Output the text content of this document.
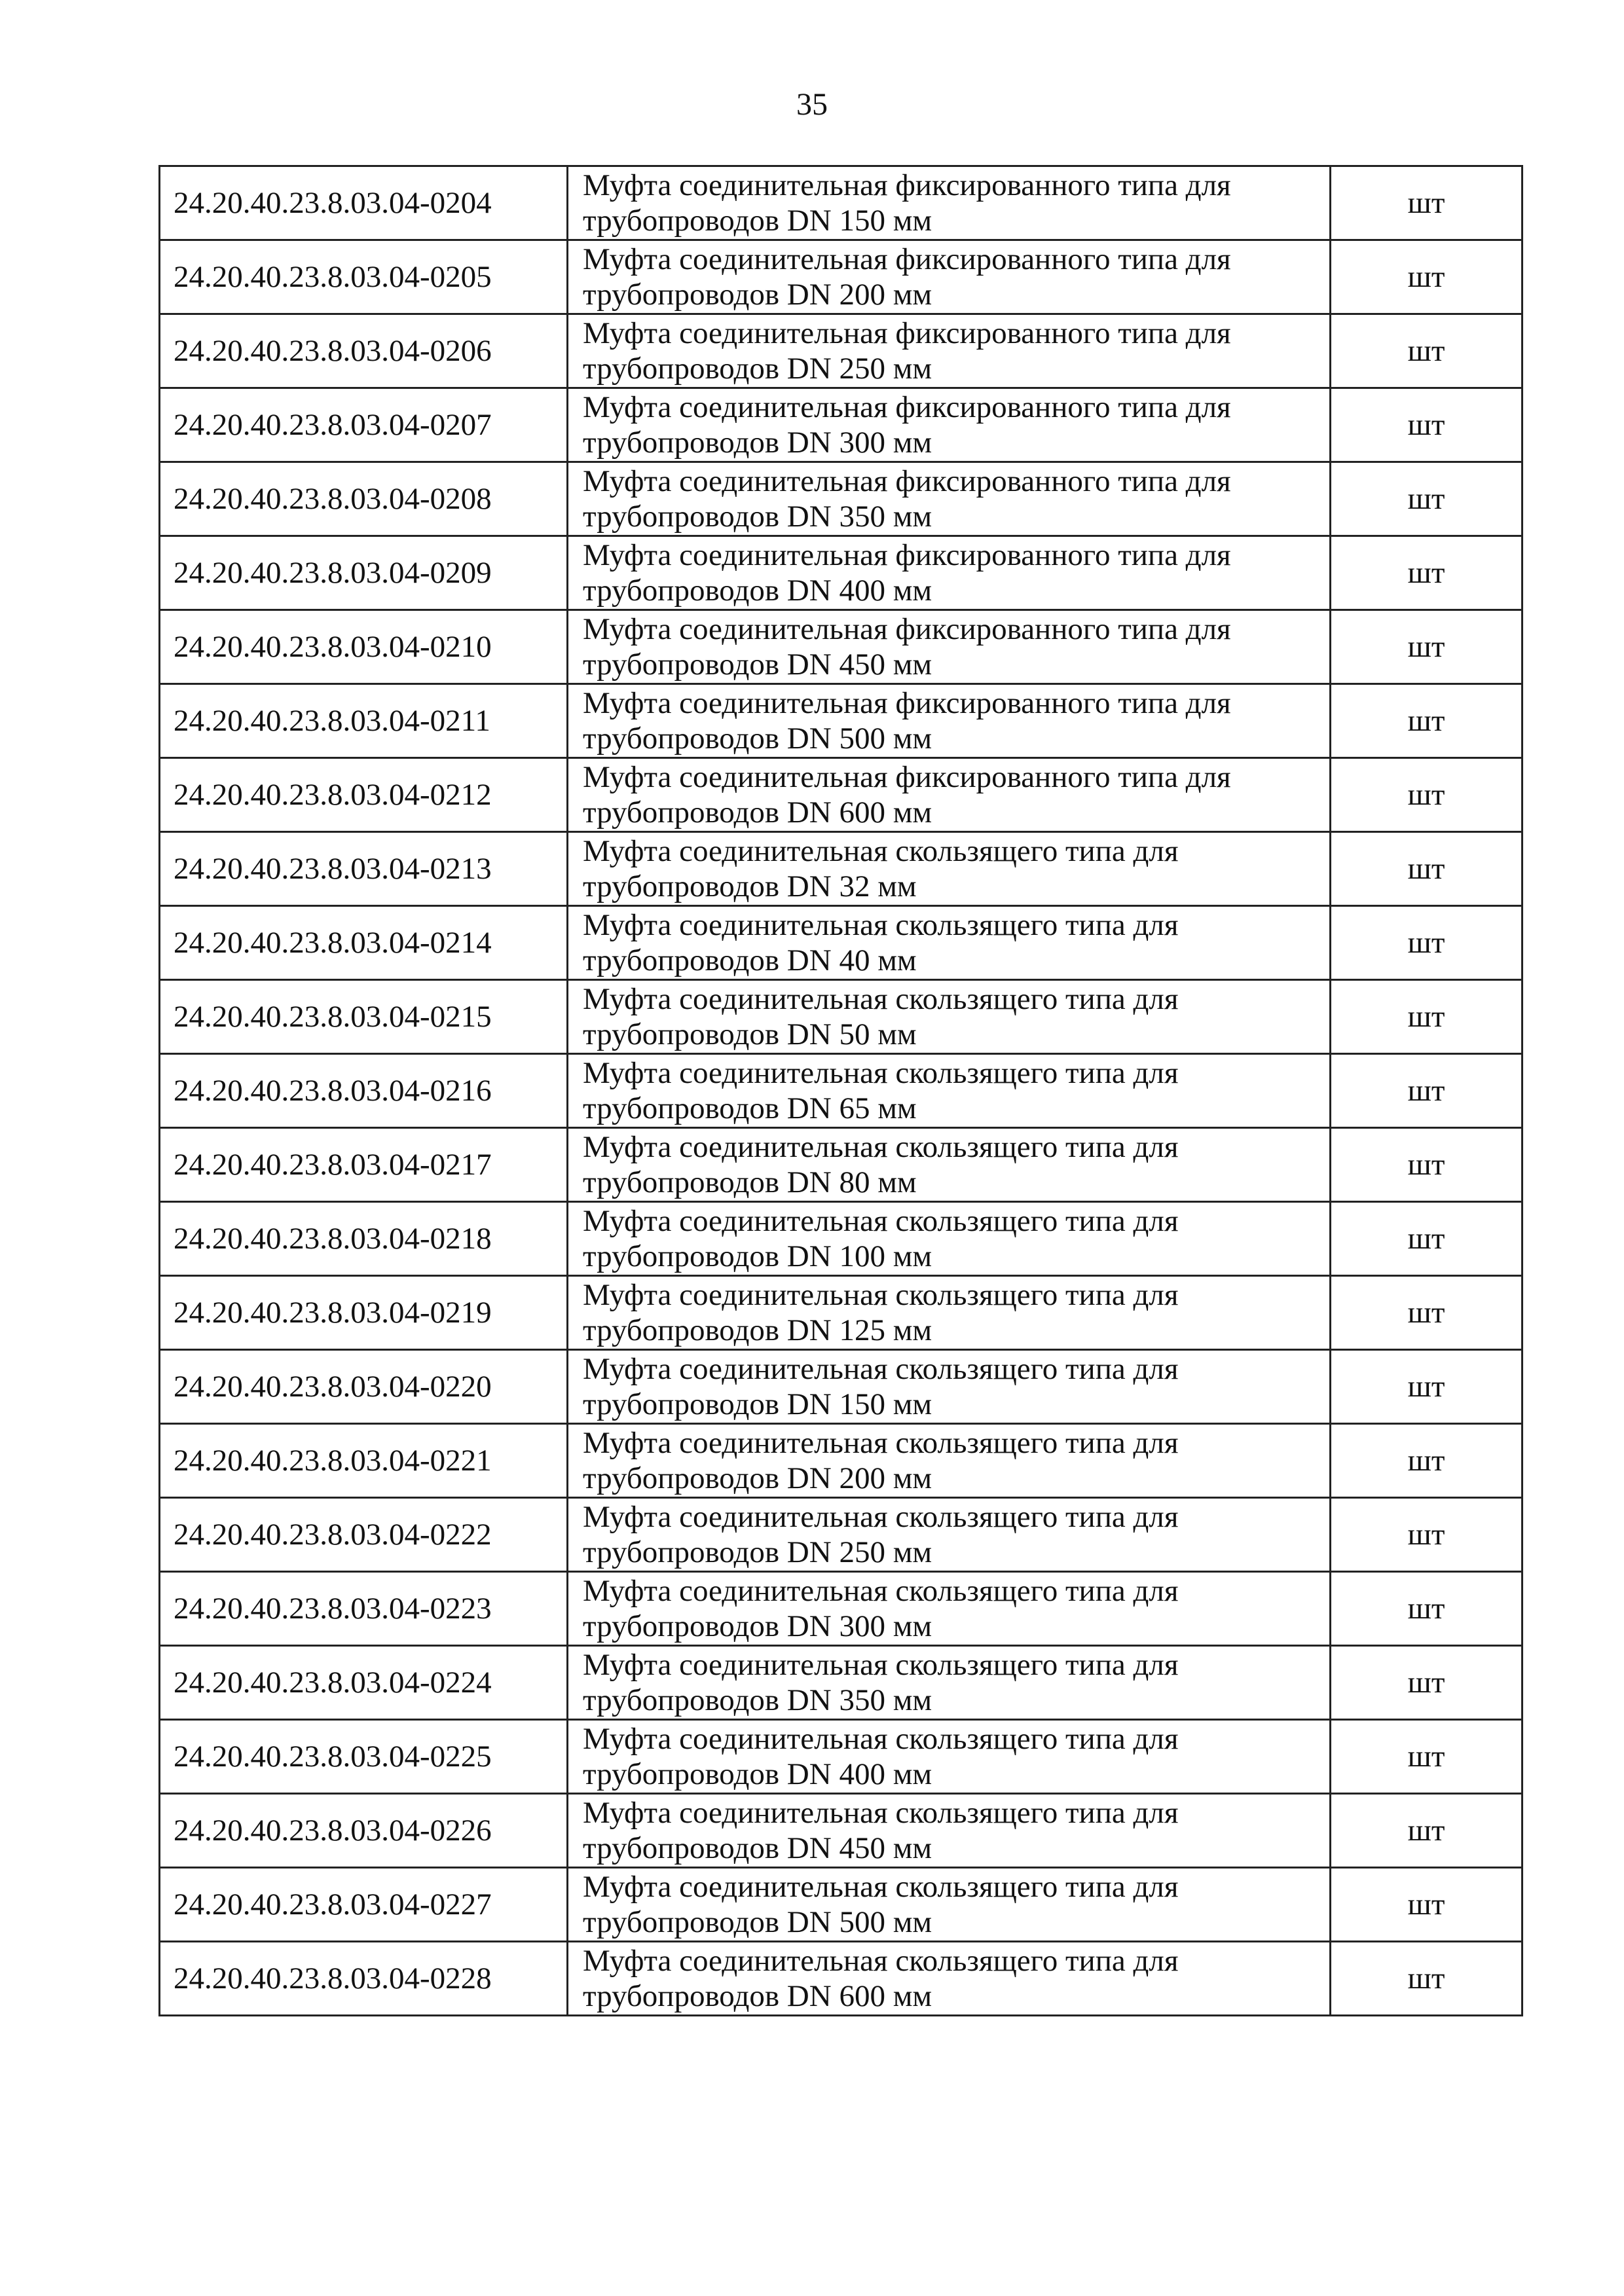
35
24.20.40.23.8.03.04-0204	Муфта соединительная фиксированного типа для
трубопроводов DN 150 мм	шт
24.20.40.23.8.03.04-0205	Муфта соединительная фиксированного типа для
трубопроводов DN 200 мм	шт
24.20.40.23.8.03.04-0206	Муфта соединительная фиксированного типа для
трубопроводов DN 250 мм	шт
24.20.40.23.8.03.04-0207	Муфта соединительная фиксированного типа для
трубопроводов DN 300 мм	шт
24.20.40.23.8.03.04-0208	Муфта соединительная фиксированного типа для
трубопроводов DN 350 мм	шт
24.20.40.23.8.03.04-0209	Муфта соединительная фиксированного типа для
трубопроводов DN 400 мм	шт
24.20.40.23.8.03.04-0210	Муфта соединительная фиксированного типа для
трубопроводов DN 450 мм	шт
24.20.40.23.8.03.04-0211	Муфта соединительная фиксированного типа для
трубопроводов DN 500 мм	шт
24.20.40.23.8.03.04-0212	Муфта соединительная фиксированного типа для
трубопроводов DN 600 мм	шт
24.20.40.23.8.03.04-0213	Муфта соединительная скользящего типа для
трубопроводов DN 32 мм	шт
24.20.40.23.8.03.04-0214	Муфта соединительная скользящего типа для
трубопроводов DN 40 мм	шт
24.20.40.23.8.03.04-0215	Муфта соединительная скользящего типа для
трубопроводов DN 50 мм	шт
24.20.40.23.8.03.04-0216	Муфта соединительная скользящего типа для
трубопроводов DN 65 мм	шт
24.20.40.23.8.03.04-0217	Муфта соединительная скользящего типа для
трубопроводов DN 80 мм	шт
24.20.40.23.8.03.04-0218	Муфта соединительная скользящего типа для
трубопроводов DN 100 мм	шт
24.20.40.23.8.03.04-0219	Муфта соединительная скользящего типа для
трубопроводов DN 125 мм	шт
24.20.40.23.8.03.04-0220	Муфта соединительная скользящего типа для
трубопроводов DN 150 мм	шт
24.20.40.23.8.03.04-0221	Муфта соединительная скользящего типа для
трубопроводов DN 200 мм	шт
24.20.40.23.8.03.04-0222	Муфта соединительная скользящего типа для
трубопроводов DN 250 мм	шт
24.20.40.23.8.03.04-0223	Муфта соединительная скользящего типа для
трубопроводов DN 300 мм	шт
24.20.40.23.8.03.04-0224	Муфта соединительная скользящего типа для
трубопроводов DN 350 мм	шт
24.20.40.23.8.03.04-0225	Муфта соединительная скользящего типа для
трубопроводов DN 400 мм	шт
24.20.40.23.8.03.04-0226	Муфта соединительная скользящего типа для
трубопроводов DN 450 мм	шт
24.20.40.23.8.03.04-0227	Муфта соединительная скользящего типа для
трубопроводов DN 500 мм	шт
24.20.40.23.8.03.04-0228	Муфта соединительная скользящего типа для
трубопроводов DN 600 мм	шт
